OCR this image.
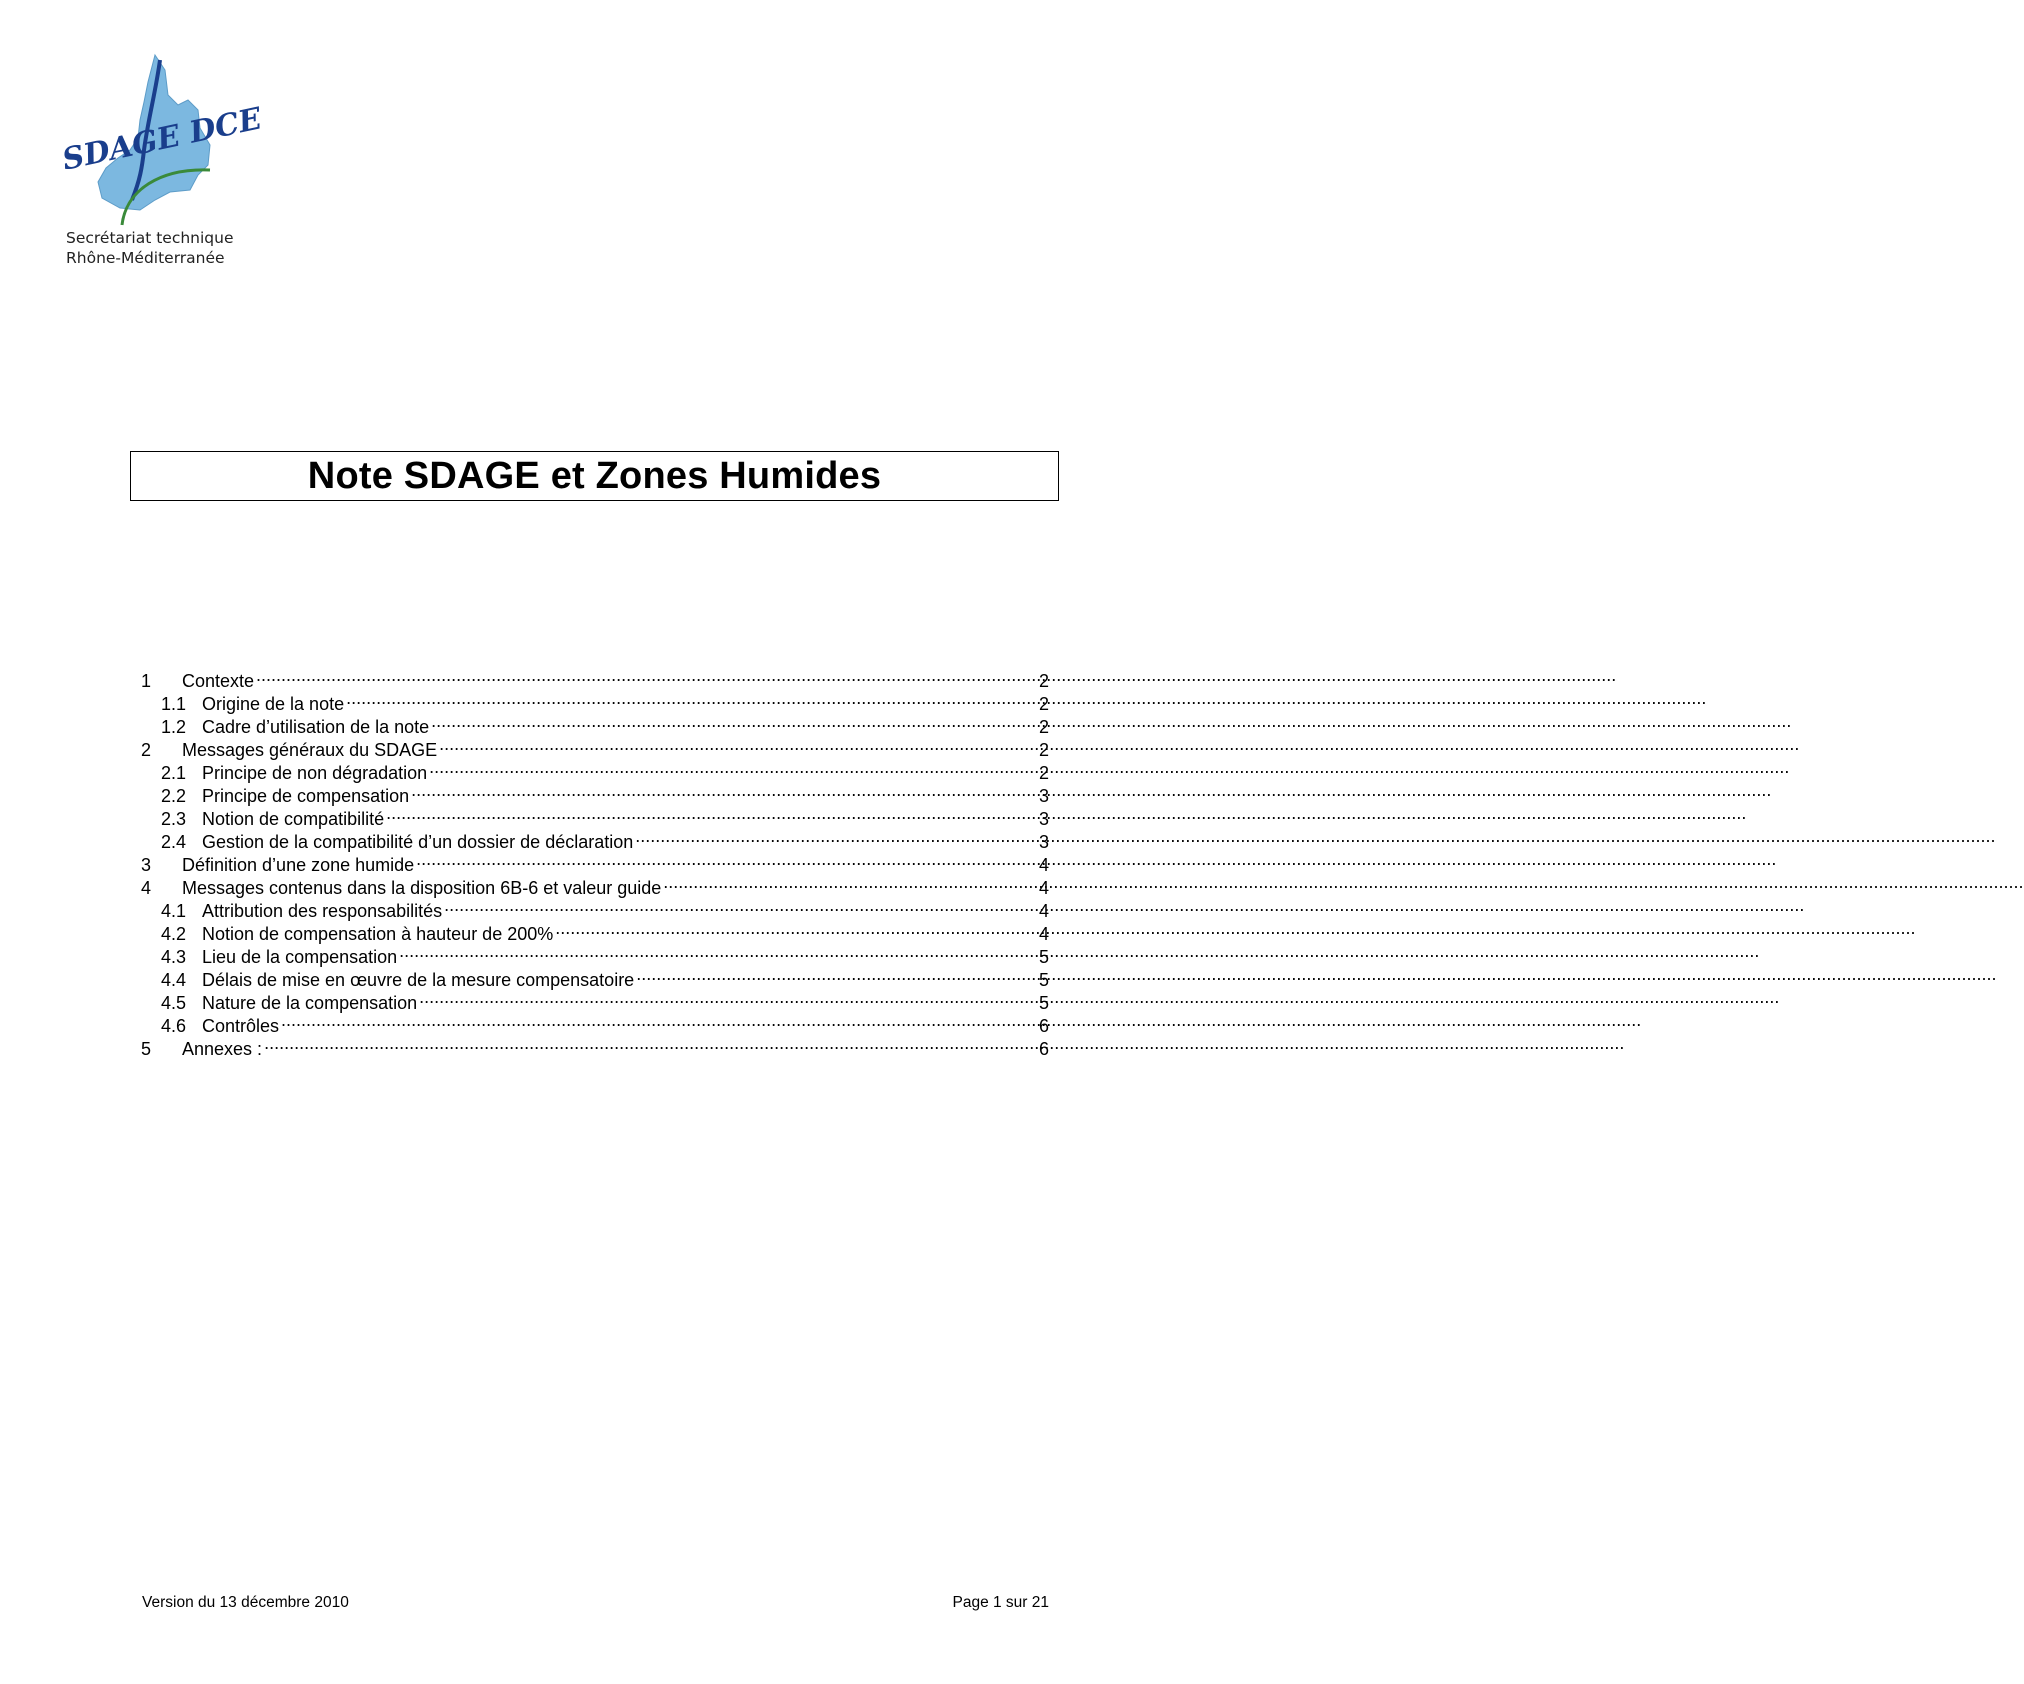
SDAGE DCE
Secrétariat technique
Rhône-Méditerranée
Note SDAGE et Zones Humides
1	Contexte .....	2
1.1 Origine de la note .....	2
1.2 Cadre d’utilisation de la note .....	2
2	Messages généraux du SDAGE .....	2
2.1 Principe de non dégradation .....	2
2.2 Principe de compensation .....	3
2.3 Notion de compatibilité .....	3
2.4 Gestion de la compatibilité d’un dossier de déclaration .....	3
3	Définition d’une zone humide .....	4
4	Messages contenus dans la disposition 6B-6 et valeur guide .....	4
4.1 Attribution des responsabilités .....	4
4.2 Notion de compensation à hauteur de 200% .....	4
4.3 Lieu de la compensation .....	5
4.4 Délais de mise en œuvre de la mesure compensatoire .....	5
4.5 Nature de la compensation .....	5
4.6 Contrôles .....	6
5	Annexes : .....	6
Version du 13 décembre 2010	Page 1 sur 21
